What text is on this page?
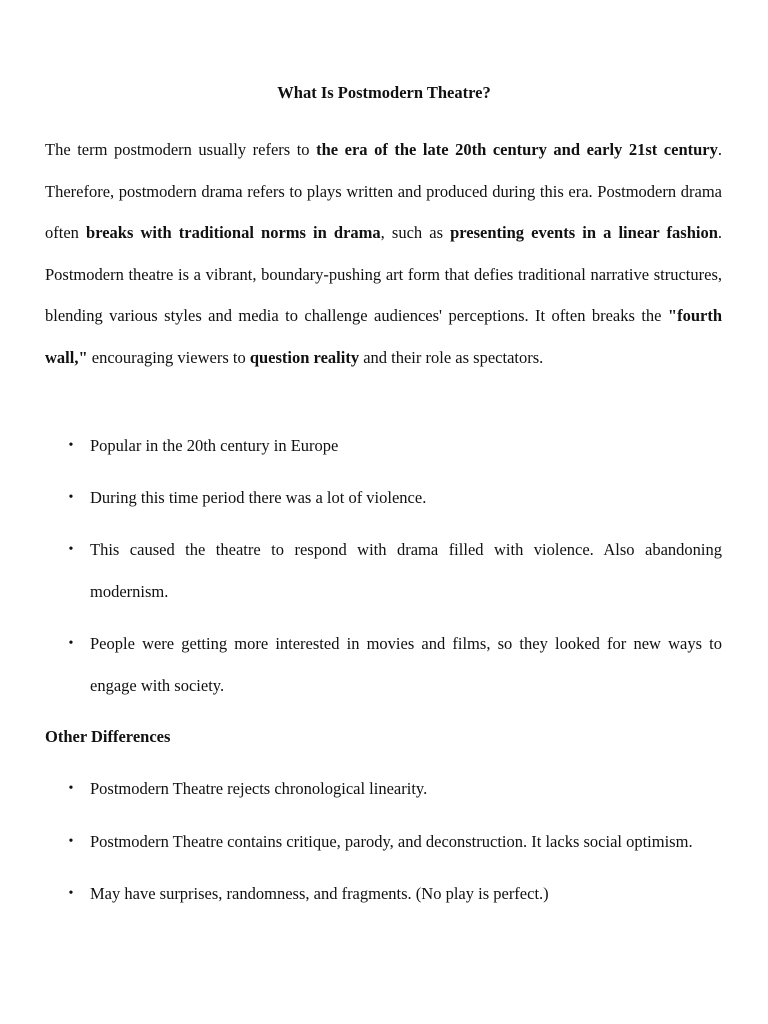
What Is Postmodern Theatre?

The term postmodern usually refers to the era of the late 20th century and early 21st century. Therefore, postmodern drama refers to plays written and produced during this era. Postmodern drama often breaks with traditional norms in drama, such as presenting events in a linear fashion. Postmodern theatre is a vibrant, boundary-pushing art form that defies traditional narrative structures, blending various styles and media to challenge audiences' perceptions. It often breaks the "fourth wall," encouraging viewers to question reality and their role as spectators.

• Popular in the 20th century in Europe
• During this time period there was a lot of violence.
• This caused the theatre to respond with drama filled with violence. Also abandoning modernism.
• People were getting more interested in movies and films, so they looked for new ways to engage with society.
Other Differences
• Postmodern Theatre rejects chronological linearity.
• Postmodern Theatre contains critique, parody, and deconstruction. It lacks social optimism.
• May have surprises, randomness, and fragments. (No play is perfect.)
